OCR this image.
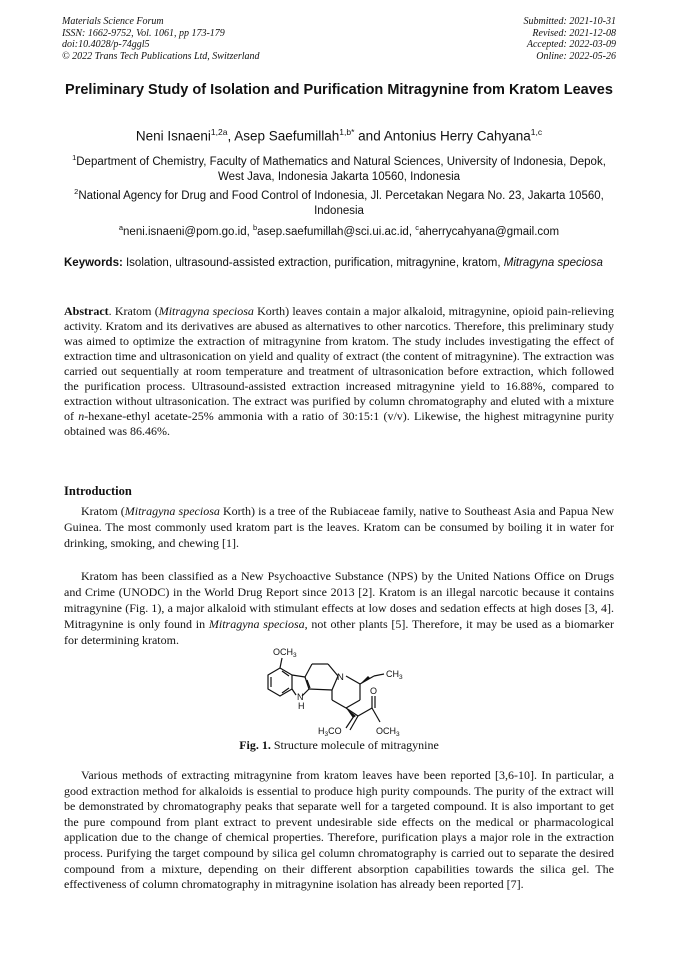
Materials Science Forum
ISSN: 1662-9752, Vol. 1061, pp 173-179
doi:10.4028/p-74ggl5
© 2022 Trans Tech Publications Ltd, Switzerland
Submitted: 2021-10-31
Revised: 2021-12-08
Accepted: 2022-03-09
Online: 2022-05-26
Preliminary Study of Isolation and Purification Mitragynine from Kratom Leaves
Neni Isnaeni$^{1,2a}$, Asep Saefumillah$^{1,b*}$ and Antonius Herry Cahyana$^{1,c}$
$^1$Department of Chemistry, Faculty of Mathematics and Natural Sciences, University of Indonesia, Depok, West Java, Indonesia Jakarta 10560, Indonesia
$^2$National Agency for Drug and Food Control of Indonesia, Jl. Percetakan Negara No. 23, Jakarta 10560, Indonesia
$^a$neni.isnaeni@pom.go.id, $^b$asep.saefumillah@sci.ui.ac.id, $^c$aherrycahyana@gmail.com
Keywords: Isolation, ultrasound-assisted extraction, purification, mitragynine, kratom, Mitragyna speciosa
Abstract. Kratom (Mitragyna speciosa Korth) leaves contain a major alkaloid, mitragynine, opioid pain-relieving activity. Kratom and its derivatives are abused as alternatives to other narcotics. Therefore, this preliminary study was aimed to optimize the extraction of mitragynine from kratom. The study includes investigating the effect of extraction time and ultrasonication on yield and quality of extract (the content of mitragynine). The extraction was carried out sequentially at room temperature and treatment of ultrasonication before extraction, which followed the purification process. Ultrasound-assisted extraction increased mitragynine yield to 16.88%, compared to extraction without ultrasonication. The extract was purified by column chromatography and eluted with a mixture of n-hexane-ethyl acetate-25% ammonia with a ratio of 30:15:1 (v/v). Likewise, the highest mitragynine purity obtained was 86.46%.
Introduction
Kratom (Mitragyna speciosa Korth) is a tree of the Rubiaceae family, native to Southeast Asia and Papua New Guinea. The most commonly used kratom part is the leaves. Kratom can be consumed by boiling it in water for drinking, smoking, and chewing [1].
Kratom has been classified as a New Psychoactive Substance (NPS) by the United Nations Office on Drugs and Crime (UNODC) in the World Drug Report since 2013 [2]. Kratom is an illegal narcotic because it contains mitragynine (Fig. 1), a major alkaloid with stimulant effects at low doses and sedation effects at high doses [3, 4]. Mitragynine is only found in Mitragyna speciosa, not other plants [5]. Therefore, it may be used as a biomarker for determining kratom.
$OCH_3$
N	$CH_3$
N
H
O
$H_3CO$	$OCH_3$
Fig. 1. Structure molecule of mitragynine
Various methods of extracting mitragynine from kratom leaves have been reported [3,6-10]. In particular, a good extraction method for alkaloids is essential to produce high purity compounds. The purity of the extract will be demonstrated by chromatography peaks that separate well for a targeted compound. It is also important to get the pure compound from plant extract to prevent undesirable side effects on the medical or pharmacological application due to the change of chemical properties. Therefore, purification plays a major role in the extraction process. Purifying the target compound by silica gel column chromatography is carried out to separate the desired compound from a mixture, depending on their different absorption capabilities towards the silica gel. The effectiveness of column chromatography in mitragynine isolation has already been reported [7].
